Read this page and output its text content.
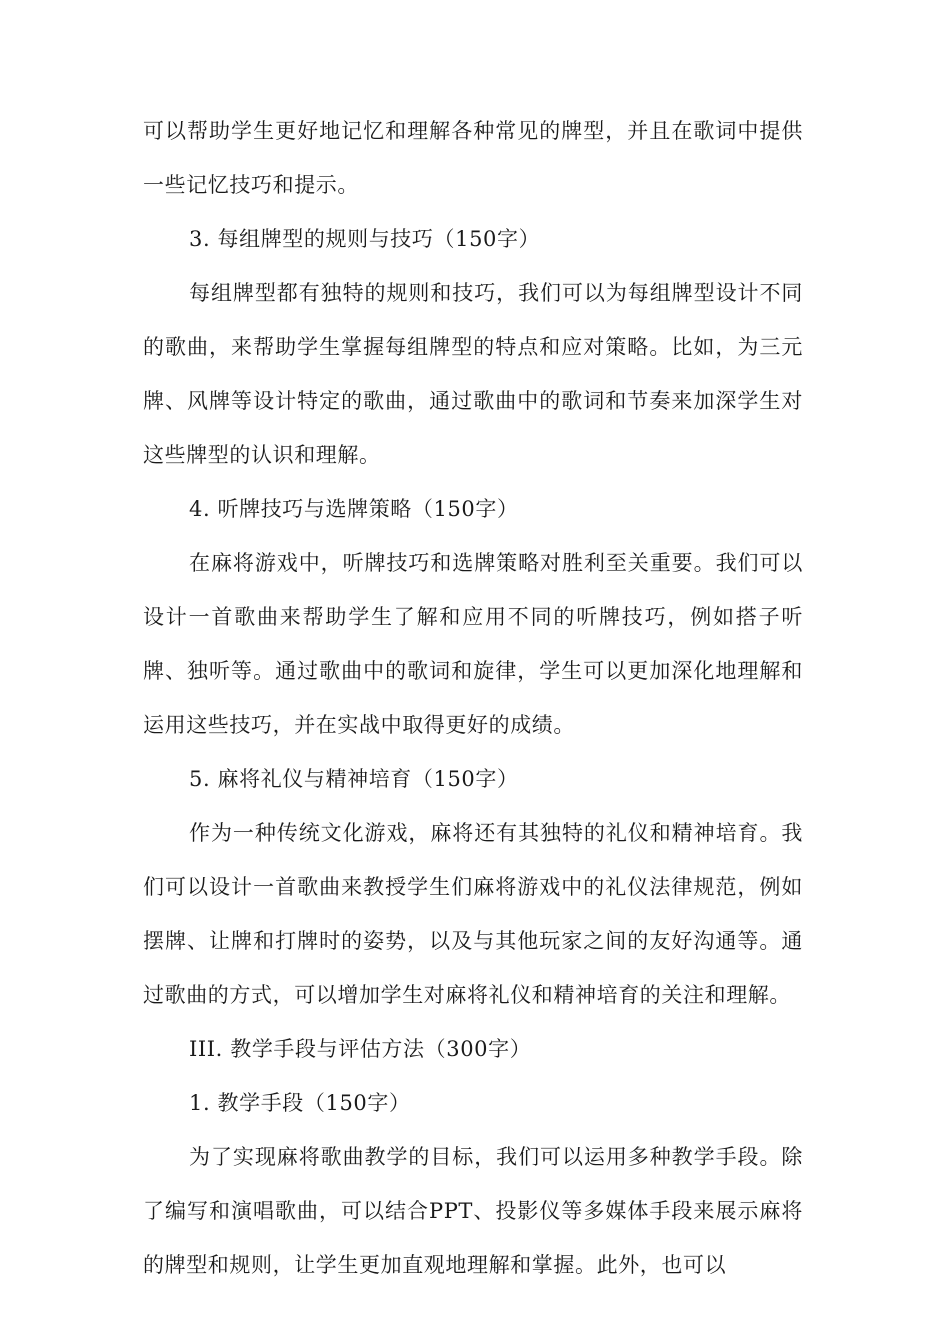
可以帮助学生更好地记忆和理解各种常见的牌型，并且在歌词中提供一些记忆技巧和提示。

3. 每组牌型的规则与技巧（150字）

每组牌型都有独特的规则和技巧，我们可以为每组牌型设计不同的歌曲，来帮助学生掌握每组牌型的特点和应对策略。比如，为三元牌、风牌等设计特定的歌曲，通过歌曲中的歌词和节奏来加深学生对这些牌型的认识和理解。

4. 听牌技巧与选牌策略（150字）

在麻将游戏中，听牌技巧和选牌策略对胜利至关重要。我们可以设计一首歌曲来帮助学生了解和应用不同的听牌技巧，例如搭子听牌、独听等。通过歌曲中的歌词和旋律，学生可以更加深化地理解和运用这些技巧，并在实战中取得更好的成绩。

5. 麻将礼仪与精神培育（150字）

作为一种传统文化游戏，麻将还有其独特的礼仪和精神培育。我们可以设计一首歌曲来教授学生们麻将游戏中的礼仪法律规范，例如摆牌、让牌和打牌时的姿势，以及与其他玩家之间的友好沟通等。通过歌曲的方式，可以增加学生对麻将礼仪和精神培育的关注和理解。

III. 教学手段与评估方法（300字）

1. 教学手段（150字）

为了实现麻将歌曲教学的目标，我们可以运用多种教学手段。除了编写和演唱歌曲，可以结合PPT、投影仪等多媒体手段来展示麻将的牌型和规则，让学生更加直观地理解和掌握。此外，也可以
